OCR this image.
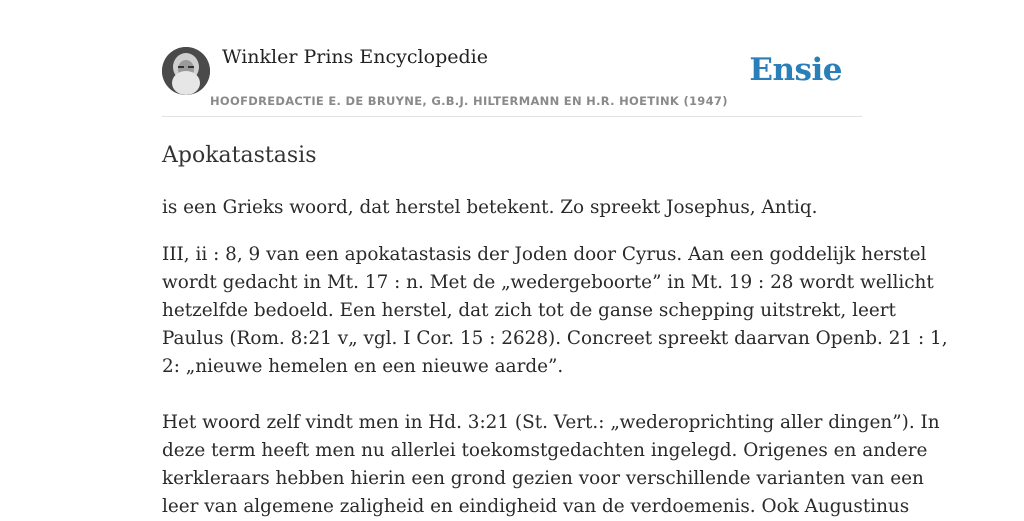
Winkler Prins Encyclopedie
HOOFDREDACTIE E. DE BRUYNE, G.B.J. HILTERMANN EN H.R. HOETINK (1947)
Ensie
Apokatastasis

is een Grieks woord, dat herstel betekent. Zo spreekt Josephus, Antiq.

III, ii : 8, 9 van een apokatastasis der Joden door Cyrus. Aan een goddelijk herstel
wordt gedacht in Mt. 17 : n. Met de „wedergeboorte” in Mt. 19 : 28 wordt wellicht
hetzelfde bedoeld. Een herstel, dat zich tot de ganse schepping uitstrekt, leert
Paulus (Rom. 8:21 v„ vgl. I Cor. 15 : 2628). Concreet spreekt daarvan Openb. 21 : 1,
2: „nieuwe hemelen en een nieuwe aarde”.

Het woord zelf vindt men in Hd. 3:21 (St. Vert.: „wederoprichting aller dingen”). In
deze term heeft men nu allerlei toekomstgedachten ingelegd. Origenes en andere
kerkleraars hebben hierin een grond gezien voor verschillende varianten van een
leer van algemene zaligheid en eindigheid van de verdoemenis. Ook Augustinus
